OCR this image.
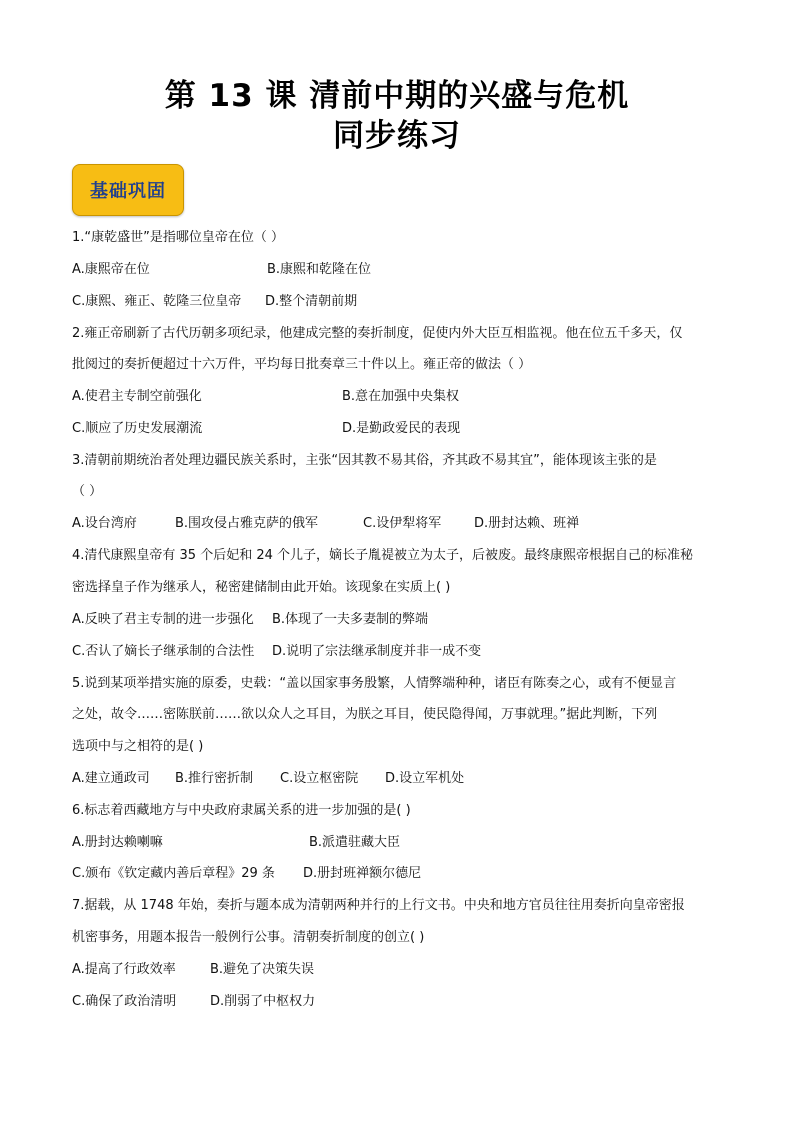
第 13 课 清前中期的兴盛与危机
同步练习
基础巩固
1.“康乾盛世”是指哪位皇帝在位（ ）
A.康熙帝在位	B.康熙和乾隆在位
C.康熙、雍正、乾隆三位皇帝 D.整个清朝前期
2.雍正帝刷新了古代历朝多项纪录，他建成完整的奏折制度，促使内外大臣互相监视。他在位五千多天，仅
批阅过的奏折便超过十六万件，平均每日批奏章三十件以上。雍正帝的做法（ ）
A.使君主专制空前强化	B.意在加强中央集权
C.顺应了历史发展潮流	D.是勤政爱民的表现
3.清朝前期统治者处理边疆民族关系时，主张“因其教不易其俗，齐其政不易其宜”，能体现该主张的是
（ ）
A.设台湾府	B.围攻侵占雅克萨的俄军	C.设伊犁将军	D.册封达赖、班禅
4.清代康熙皇帝有 35 个后妃和 24 个儿子，嫡长子胤禔被立为太子，后被废。最终康熙帝根据自己的标准秘
密选择皇子作为继承人，秘密建储制由此开始。该现象在实质上( )
A.反映了君主专制的进一步强化 B.体现了一夫多妻制的弊端
C.否认了嫡长子继承制的合法性 D.说明了宗法继承制度并非一成不变
5.说到某项举措实施的原委，史载：“盖以国家事务殷繁，人情弊端种种，诸臣有陈奏之心，或有不便显言
之处，故令……密陈朕前……欲以众人之耳目，为朕之耳目，使民隐得闻，万事就理。”据此判断，下列
选项中与之相符的是( )
A.建立通政司 B.推行密折制 C.设立枢密院 D.设立军机处
6.标志着西藏地方与中央政府隶属关系的进一步加强的是( )
A.册封达赖喇嘛	B.派遣驻藏大臣
C.颁布《钦定藏内善后章程》29 条 D.册封班禅额尔德尼
7.据载，从 1748 年始，奏折与题本成为清朝两种并行的上行文书。中央和地方官员往往用奏折向皇帝密报
机密事务，用题本报告一般例行公事。清朝奏折制度的创立( )
A.提高了行政效率	B.避免了决策失误
C.确保了政治清明	D.削弱了中枢权力
